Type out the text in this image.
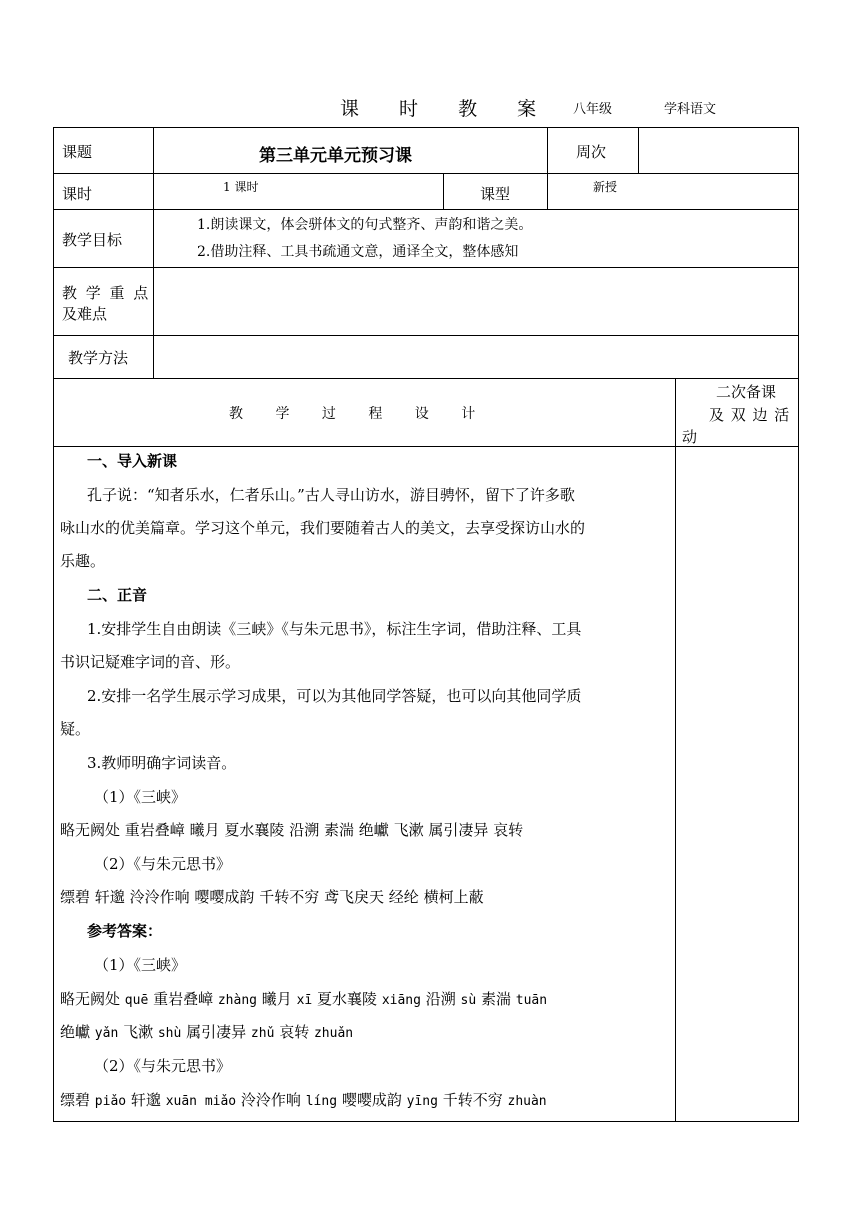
课 时 教 案 八年级	学科语文
课题	第三单元单元预习课	周次
课时	1 课时	课型	新授
教学目标
1.朗读课文，体会骈体文的句式整齐、声韵和谐之美。
2.借助注释、工具书疏通文意，通译全文，整体感知
教 学 重 点
及难点
教学方法
教 学 过 程 设 计
二次备课
及 双 边 活
动
一、导入新课
孔子说：“知者乐水，仁者乐山。”古人寻山访水，游目骋怀，留下了许多歌
咏山水的优美篇章。学习这个单元，我们要随着古人的美文，去享受探访山水的
乐趣。
二、正音
1.安排学生自由朗读《三峡》《与朱元思书》，标注生字词，借助注释、工具
书识记疑难字词的音、形。
2.安排一名学生展示学习成果，可以为其他同学答疑，也可以向其他同学质
疑。
3.教师明确字词读音。
（1）《三峡》
略无阙处 重岩叠嶂 曦月 夏水襄陵 沿溯 素湍 绝巘 飞漱 属引凄异 哀转
（2）《与朱元思书》
缥碧 轩邈 泠泠作响 嘤嘤成韵 千转不穷 鸢飞戾天 经纶 横柯上蔽
参考答案：
（1）《三峡》
略无阙处 quē 重岩叠嶂 zhàng 曦月 xī 夏水襄陵 xiāng 沿溯 sù 素湍 tuān
绝巘 yǎn 飞漱 shù 属引凄异 zhǔ 哀转 zhuǎn
（2）《与朱元思书》
缥碧 piǎo 轩邈 xuān miǎo 泠泠作响 líng 嘤嘤成韵 yīng 千转不穷 zhuàn
